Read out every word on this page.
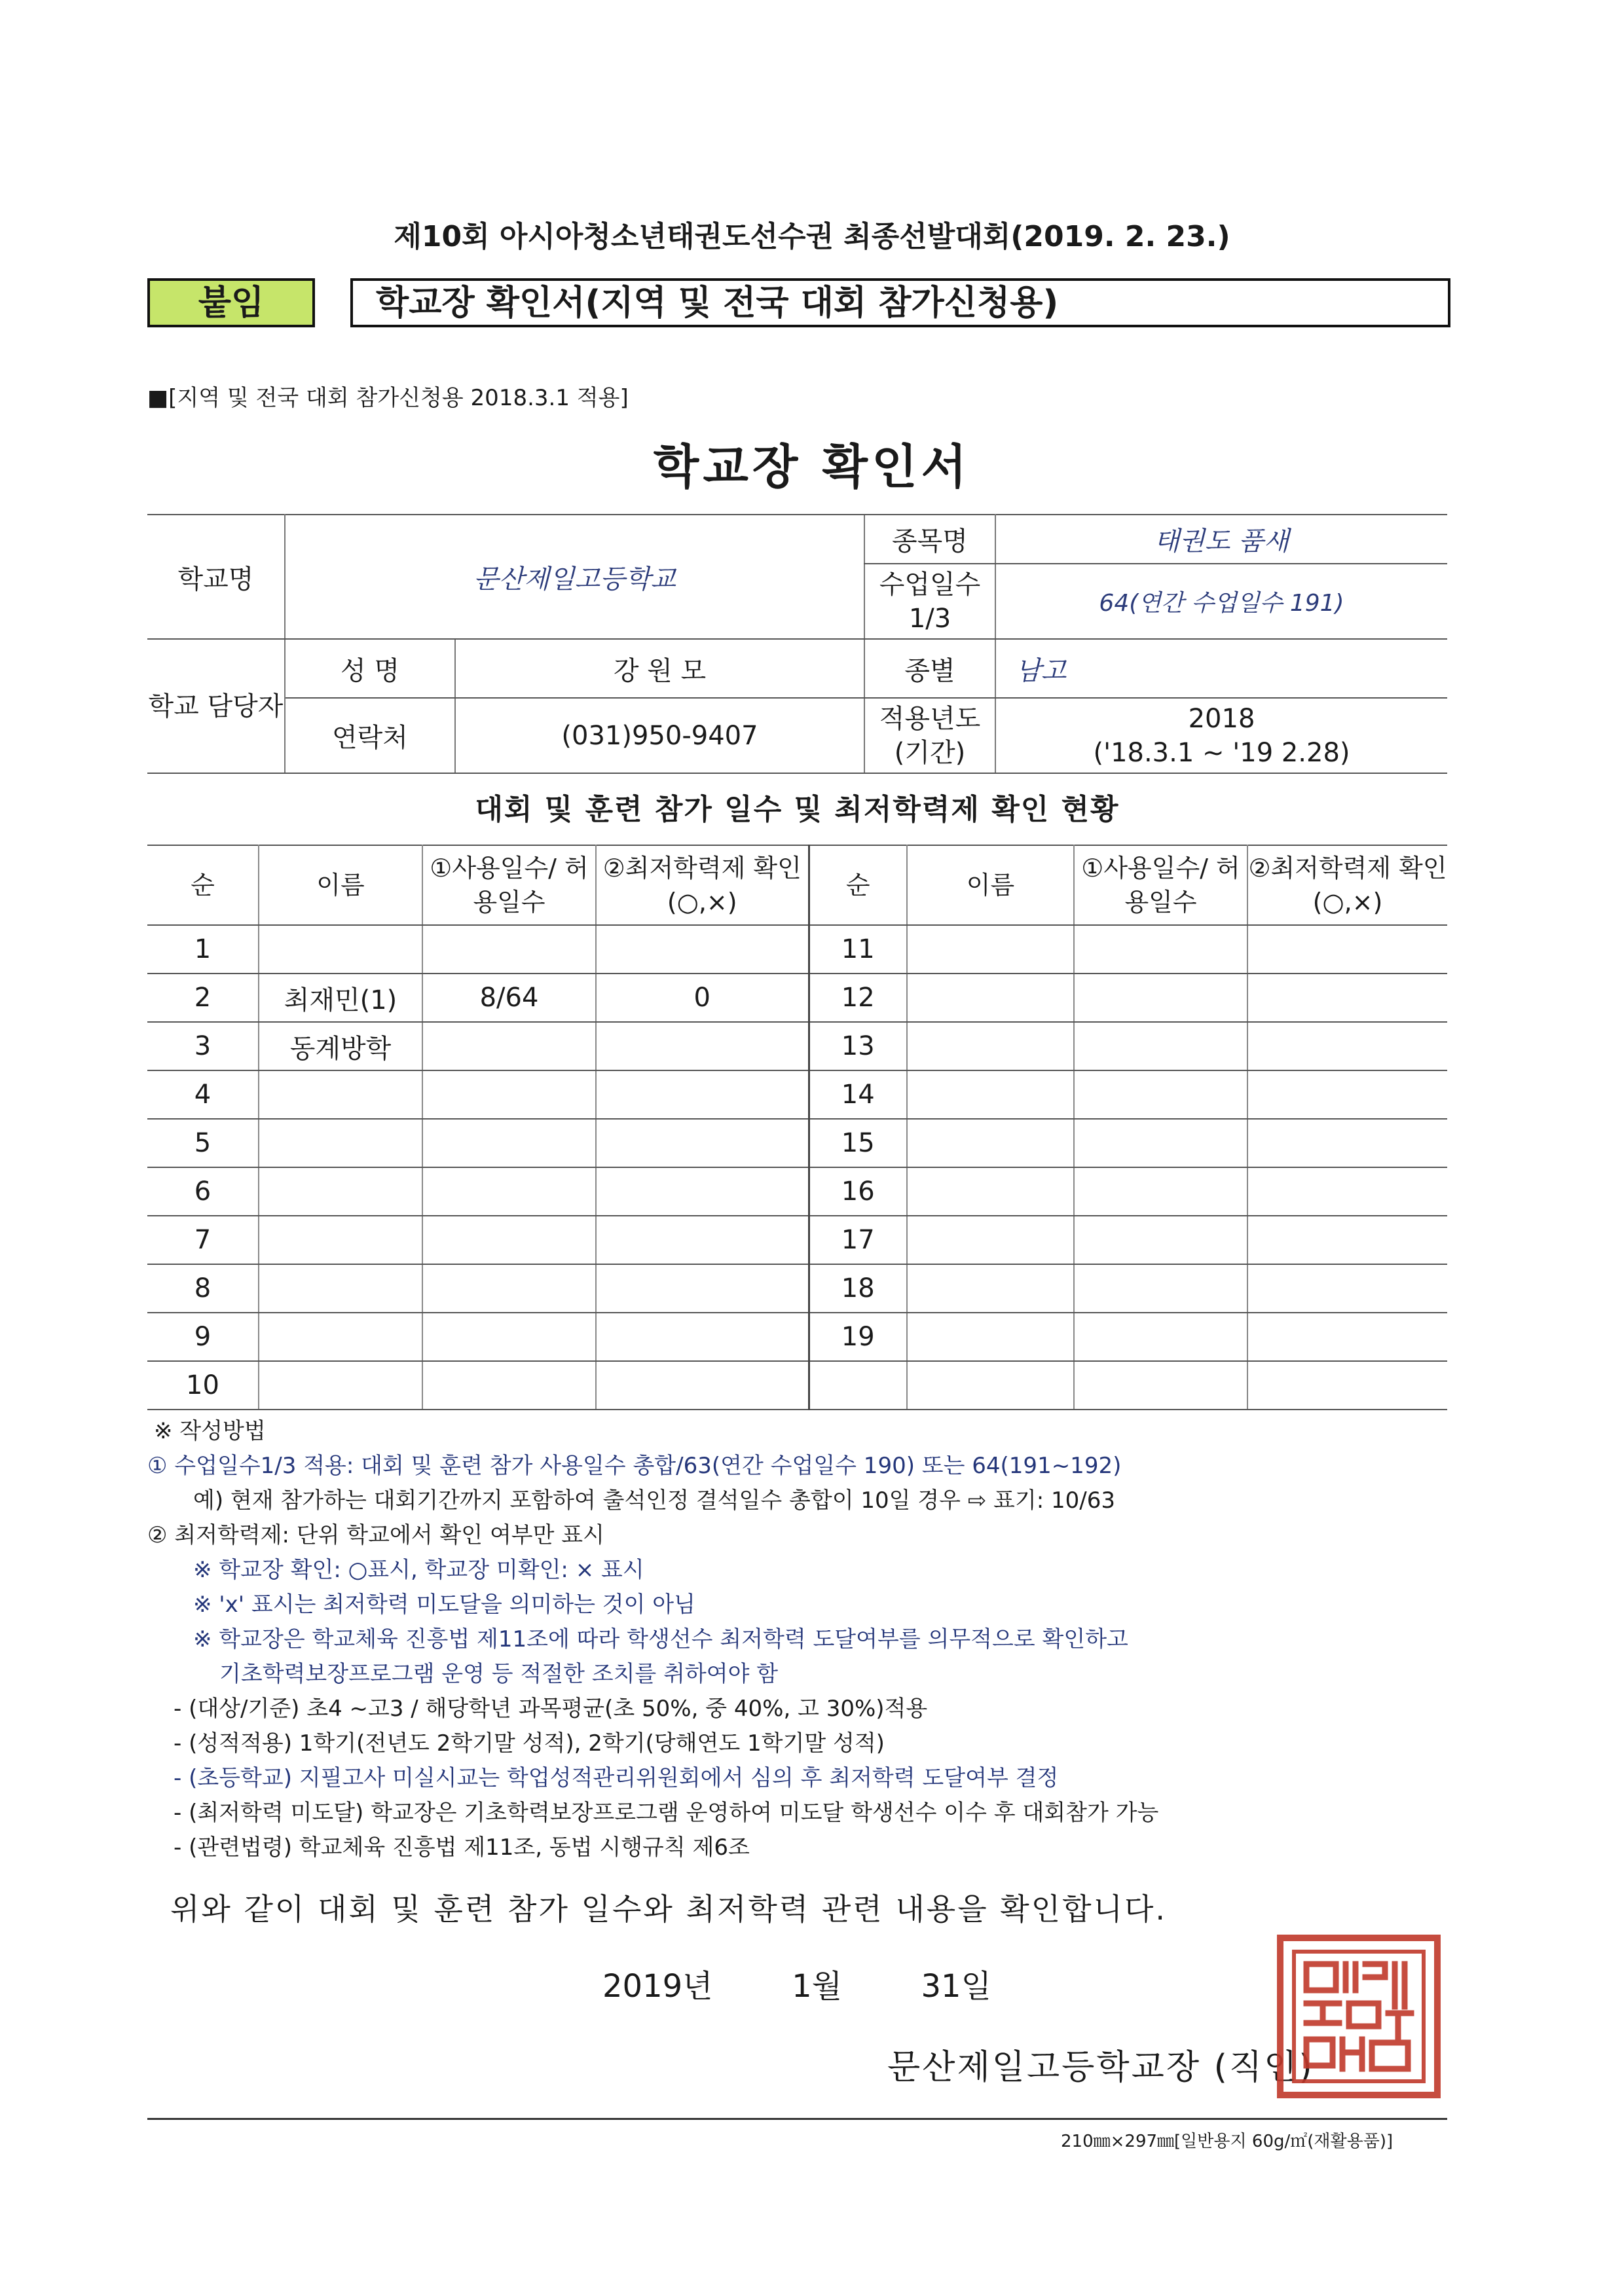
제10회 아시아청소년태권도선수권 최종선발대회(2019. 2. 23.)
붙임	학교장 확인서(지역 및 전국 대회 참가신청용)
■[지역 및 전국 대회 참가신청용 2018.3.1 적용]
학교장 확인서
학교명	문산제일고등학교		종목명	태권도 품새
			수업일수 1/3	64(연간 수업일수 191)
학교 담당자	성 명	강 원 모	종별	남고
	연락처	(031)950-9407	적용년도 (기간)	2018
('18.3.1 ~ '19 2.28)
대회 및 훈련 참가 일수 및 최저학력제 확인 현황
순	이름	①사용일수/ 허용일수	②최저학력제 확인(○,×)	순	이름	①사용일수/ 허용일수	②최저학력제 확인(○,×)
1				11			
2	최재민(1)	8/64	0	12			
3	동계방학			13			
4				14			
5				15			
6				16			
7				17			
8				18			
9				19			
10							
※ 작성방법
① 수업일수1/3 적용: 대회 및 훈련 참가 사용일수 총합/63(연간 수업일수 190) 또는 64(191~192)
예) 현재 참가하는 대회기간까지 포함하여 출석인정 결석일수 총합이 10일 경우 ⇨ 표기: 10/63
② 최저학력제: 단위 학교에서 확인 여부만 표시
※ 학교장 확인: ○표시, 학교장 미확인: × 표시
※ 'x' 표시는 최저학력 미도달을 의미하는 것이 아님
※ 학교장은 학교체육 진흥법 제11조에 따라 학생선수 최저학력 도달여부를 의무적으로 확인하고
기초학력보장프로그램 운영 등 적절한 조치를 취하여야 함
- (대상/기준) 초4 ~고3 / 해당학년 과목평균(초 50%, 중 40%, 고 30%)적용
- (성적적용) 1학기(전년도 2학기말 성적), 2학기(당해연도 1학기말 성적)
- (초등학교) 지필고사 미실시교는 학업성적관리위원회에서 심의 후 최저학력 도달여부 결정
- (최저학력 미도달) 학교장은 기초학력보장프로그램 운영하여 미도달 학생선수 이수 후 대회참가 가능
- (관련법령) 학교체육 진흥법 제11조, 동법 시행규칙 제6조
위와 같이 대회 및 훈련 참가 일수와 최저학력 관련 내용을 확인합니다.
2019년	1월	31일
문산제일고등학교장 (직인)
210㎜×297㎜[일반용지 60g/㎡(재활용품)]
